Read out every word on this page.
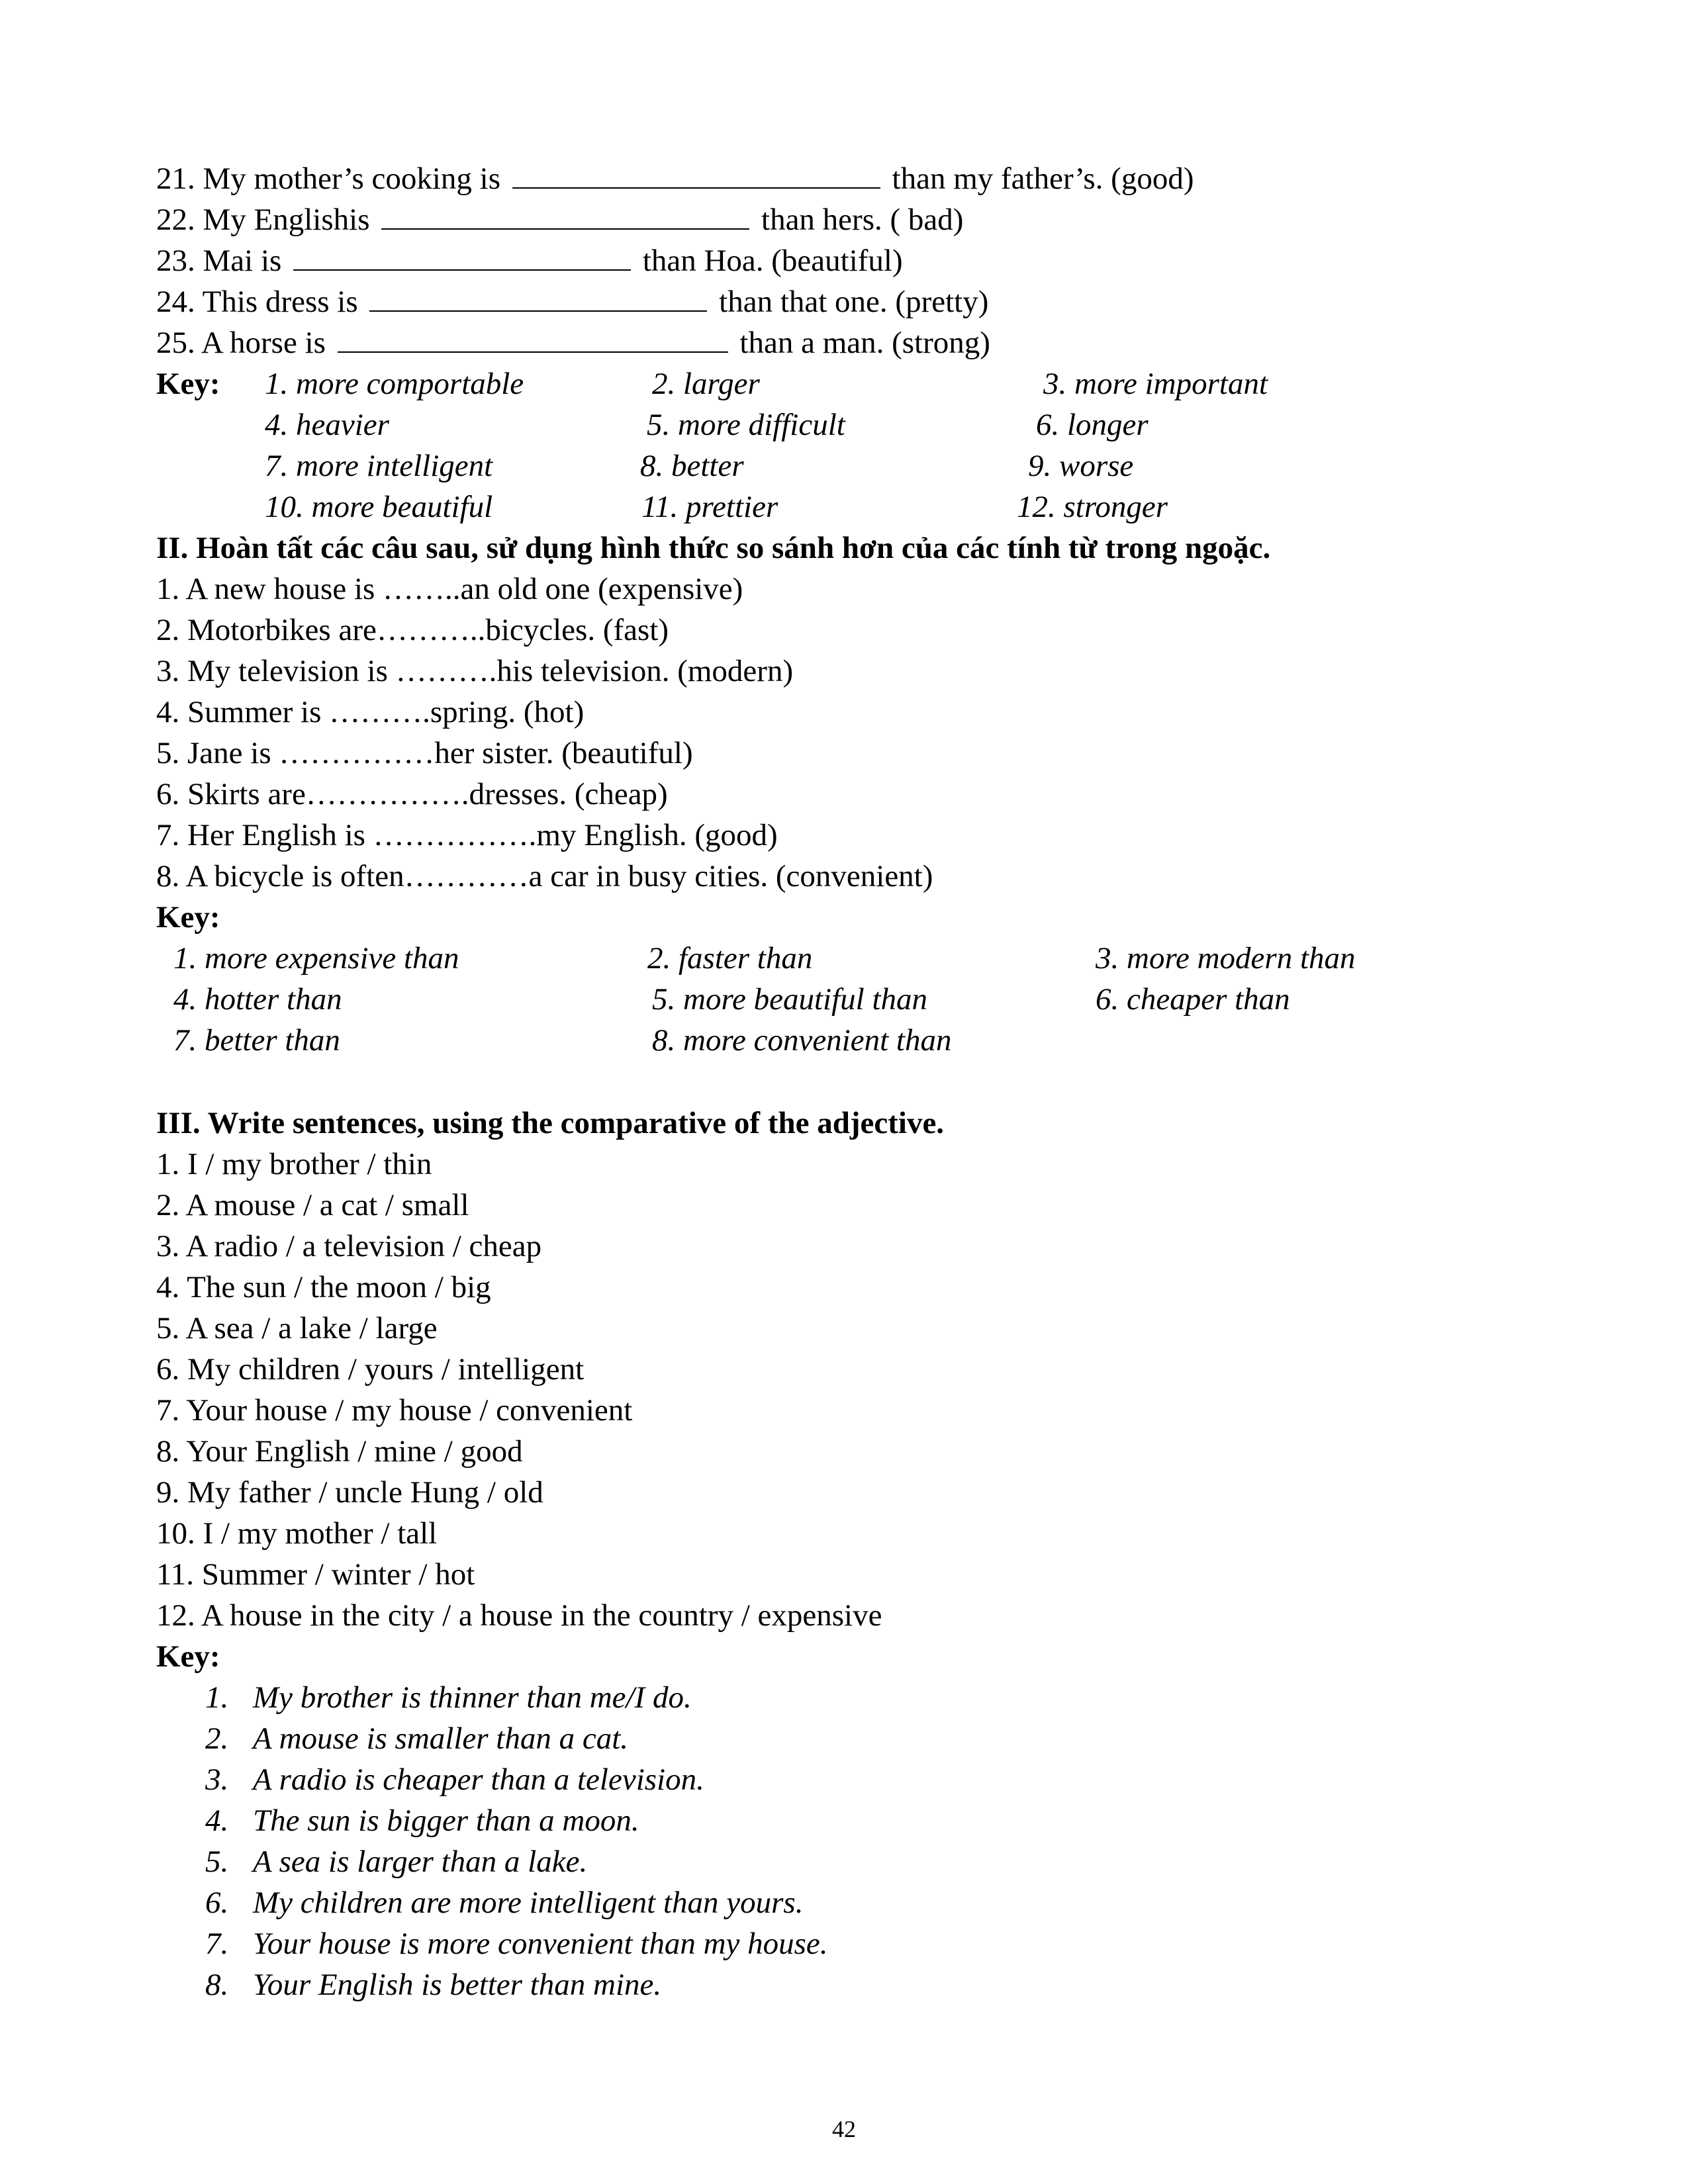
21. My mother’s cooking is	than my father’s. (good)
22. My Englishis	than hers. ( bad)
23. Mai is	than Hoa. (beautiful)
24. This dress is	than that one. (pretty)
25. A horse is	than a man. (strong)
Key: 1. more comportable	2. larger	3. more important
4. heavier	5. more difficult	6. longer
7. more intelligent	8. better	9. worse
10. more beautiful	11. prettier	12. stronger
II. Hoàn tất các câu sau, sử dụng hình thức so sánh hơn của các tính từ trong ngoặc.
1. A new house is ……..an old one (expensive)
2. Motorbikes are………..bicycles. (fast)
3. My television is ……….his television. (modern)
4. Summer is ……….spring. (hot)
5. Jane is ……………her sister. (beautiful)
6. Skirts are…………….dresses. (cheap)
7. Her English is …………….my English. (good)
8. A bicycle is often…………a car in busy cities. (convenient)
Key:
1. more expensive than	2. faster than	3. more modern than
4. hotter than	5. more beautiful than	6. cheaper than
7. better than	8. more convenient than
III. Write sentences, using the comparative of the adjective.
1. I / my brother / thin
2. A mouse / a cat / small
3. A radio / a television / cheap
4. The sun / the moon / big
5. A sea / a lake / large
6. My children / yours / intelligent
7. Your house / my house / convenient
8. Your English / mine / good
9. My father / uncle Hung / old
10. I / my mother / tall
11. Summer / winter / hot
12. A house in the city / a house in the country / expensive
Key:
1. My brother is thinner than me/I do.
2. A mouse is smaller than a cat.
3. A radio is cheaper than a television.
4. The sun is bigger than a moon.
5. A sea is larger than a lake.
6. My children are more intelligent than yours.
7. Your house is more convenient than my house.
8. Your English is better than mine.
42
